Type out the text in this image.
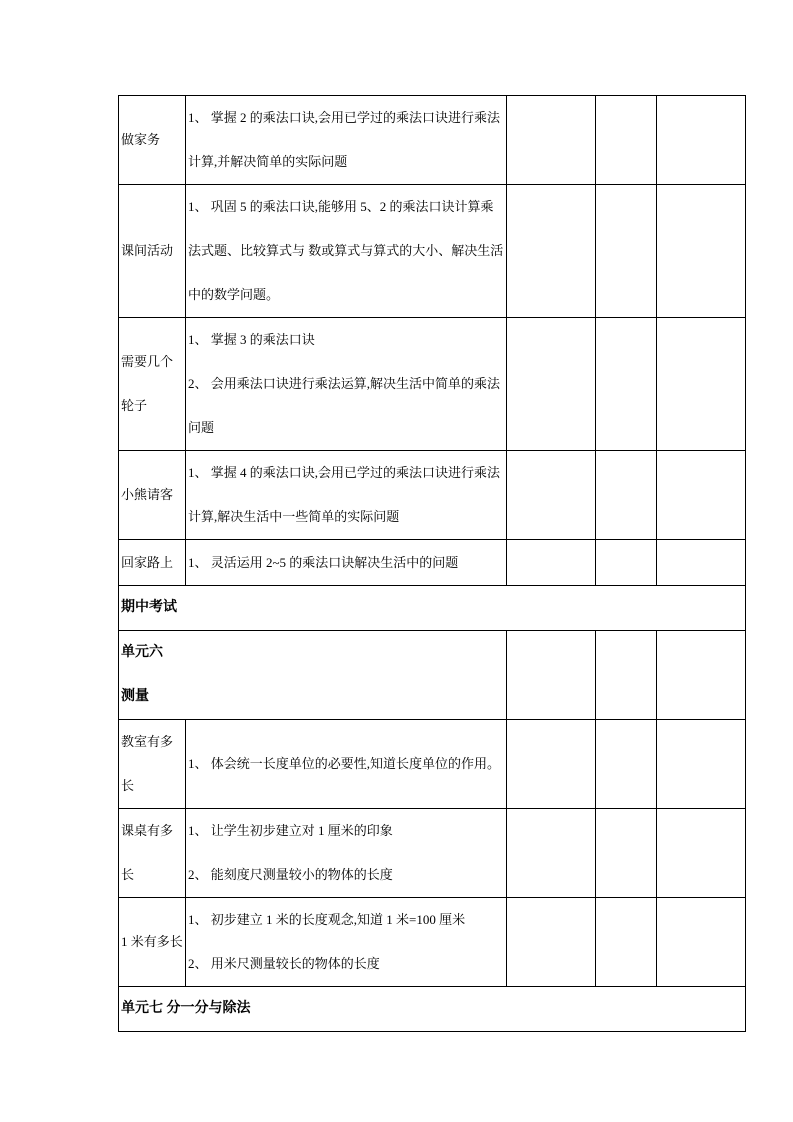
做家务	1、 掌握 2 的乘法口诀,会用已学过的乘法口诀进行乘法计算,并解决简单的实际问题			

课间活动	1、 巩固 5 的乘法口诀,能够用 5、2 的乘法口诀计算乘法式题、比较算式与 数或算式与算式的大小、解决生活中的数学问题。			

需要几个轮子	1、 掌握 3 的乘法口诀
2、 会用乘法口诀进行乘法运算,解决生活中简单的乘法问题			

小熊请客	1、 掌握 4 的乘法口诀,会用已学过的乘法口诀进行乘法计算,解决生活中一些简单的实际问题			

回家路上	1、 灵活运用 2~5 的乘法口诀解决生活中的问题			

期中考试				

单元六
测量				

教室有多长	1、 体会统一长度单位的必要性,知道长度单位的作用。			

课桌有多长	1、 让学生初步建立对 1 厘米的印象
2、 能刻度尺测量较小的物体的长度			

1 米有多长	1、 初步建立 1 米的长度观念,知道 1 米=100 厘米
2、 用米尺测量较长的物体的长度			

单元七 分一分与除法				
